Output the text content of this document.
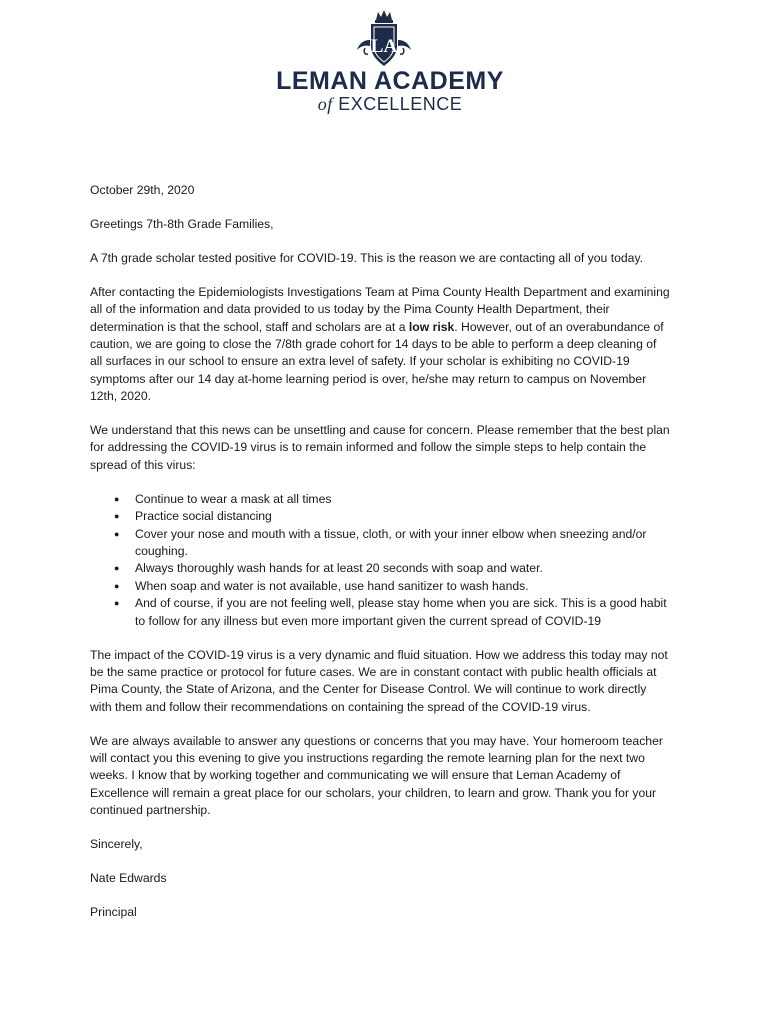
LA
LEMAN ACADEMY
of EXCELLENCE

October 29th, 2020

Greetings 7th-8th Grade Families,

A 7th grade scholar tested positive for COVID-19. This is the reason we are contacting all of you today.

After contacting the Epidemiologists Investigations Team at Pima County Health Department and examining all of the information and data provided to us today by the Pima County Health Department, their determination is that the school, staff and scholars are at a low risk. However, out of an overabundance of caution, we are going to close the 7/8th grade cohort for 14 days to be able to perform a deep cleaning of all surfaces in our school to ensure an extra level of safety. If your scholar is exhibiting no COVID-19 symptoms after our 14 day at-home learning period is over, he/she may return to campus on November 12th, 2020.

We understand that this news can be unsettling and cause for concern. Please remember that the best plan for addressing the COVID-19 virus is to remain informed and follow the simple steps to help contain the spread of this virus:

● Continue to wear a mask at all times
● Practice social distancing
● Cover your nose and mouth with a tissue, cloth, or with your inner elbow when sneezing and/or coughing.
● Always thoroughly wash hands for at least 20 seconds with soap and water.
● When soap and water is not available, use hand sanitizer to wash hands.
● And of course, if you are not feeling well, please stay home when you are sick. This is a good habit to follow for any illness but even more important given the current spread of COVID-19

The impact of the COVID-19 virus is a very dynamic and fluid situation. How we address this today may not be the same practice or protocol for future cases. We are in constant contact with public health officials at Pima County, the State of Arizona, and the Center for Disease Control. We will continue to work directly with them and follow their recommendations on containing the spread of the COVID-19 virus.

We are always available to answer any questions or concerns that you may have. Your homeroom teacher will contact you this evening to give you instructions regarding the remote learning plan for the next two weeks. I know that by working together and communicating we will ensure that Leman Academy of Excellence will remain a great place for our scholars, your children, to learn and grow. Thank you for your continued partnership.

Sincerely,

Nate Edwards

Principal
